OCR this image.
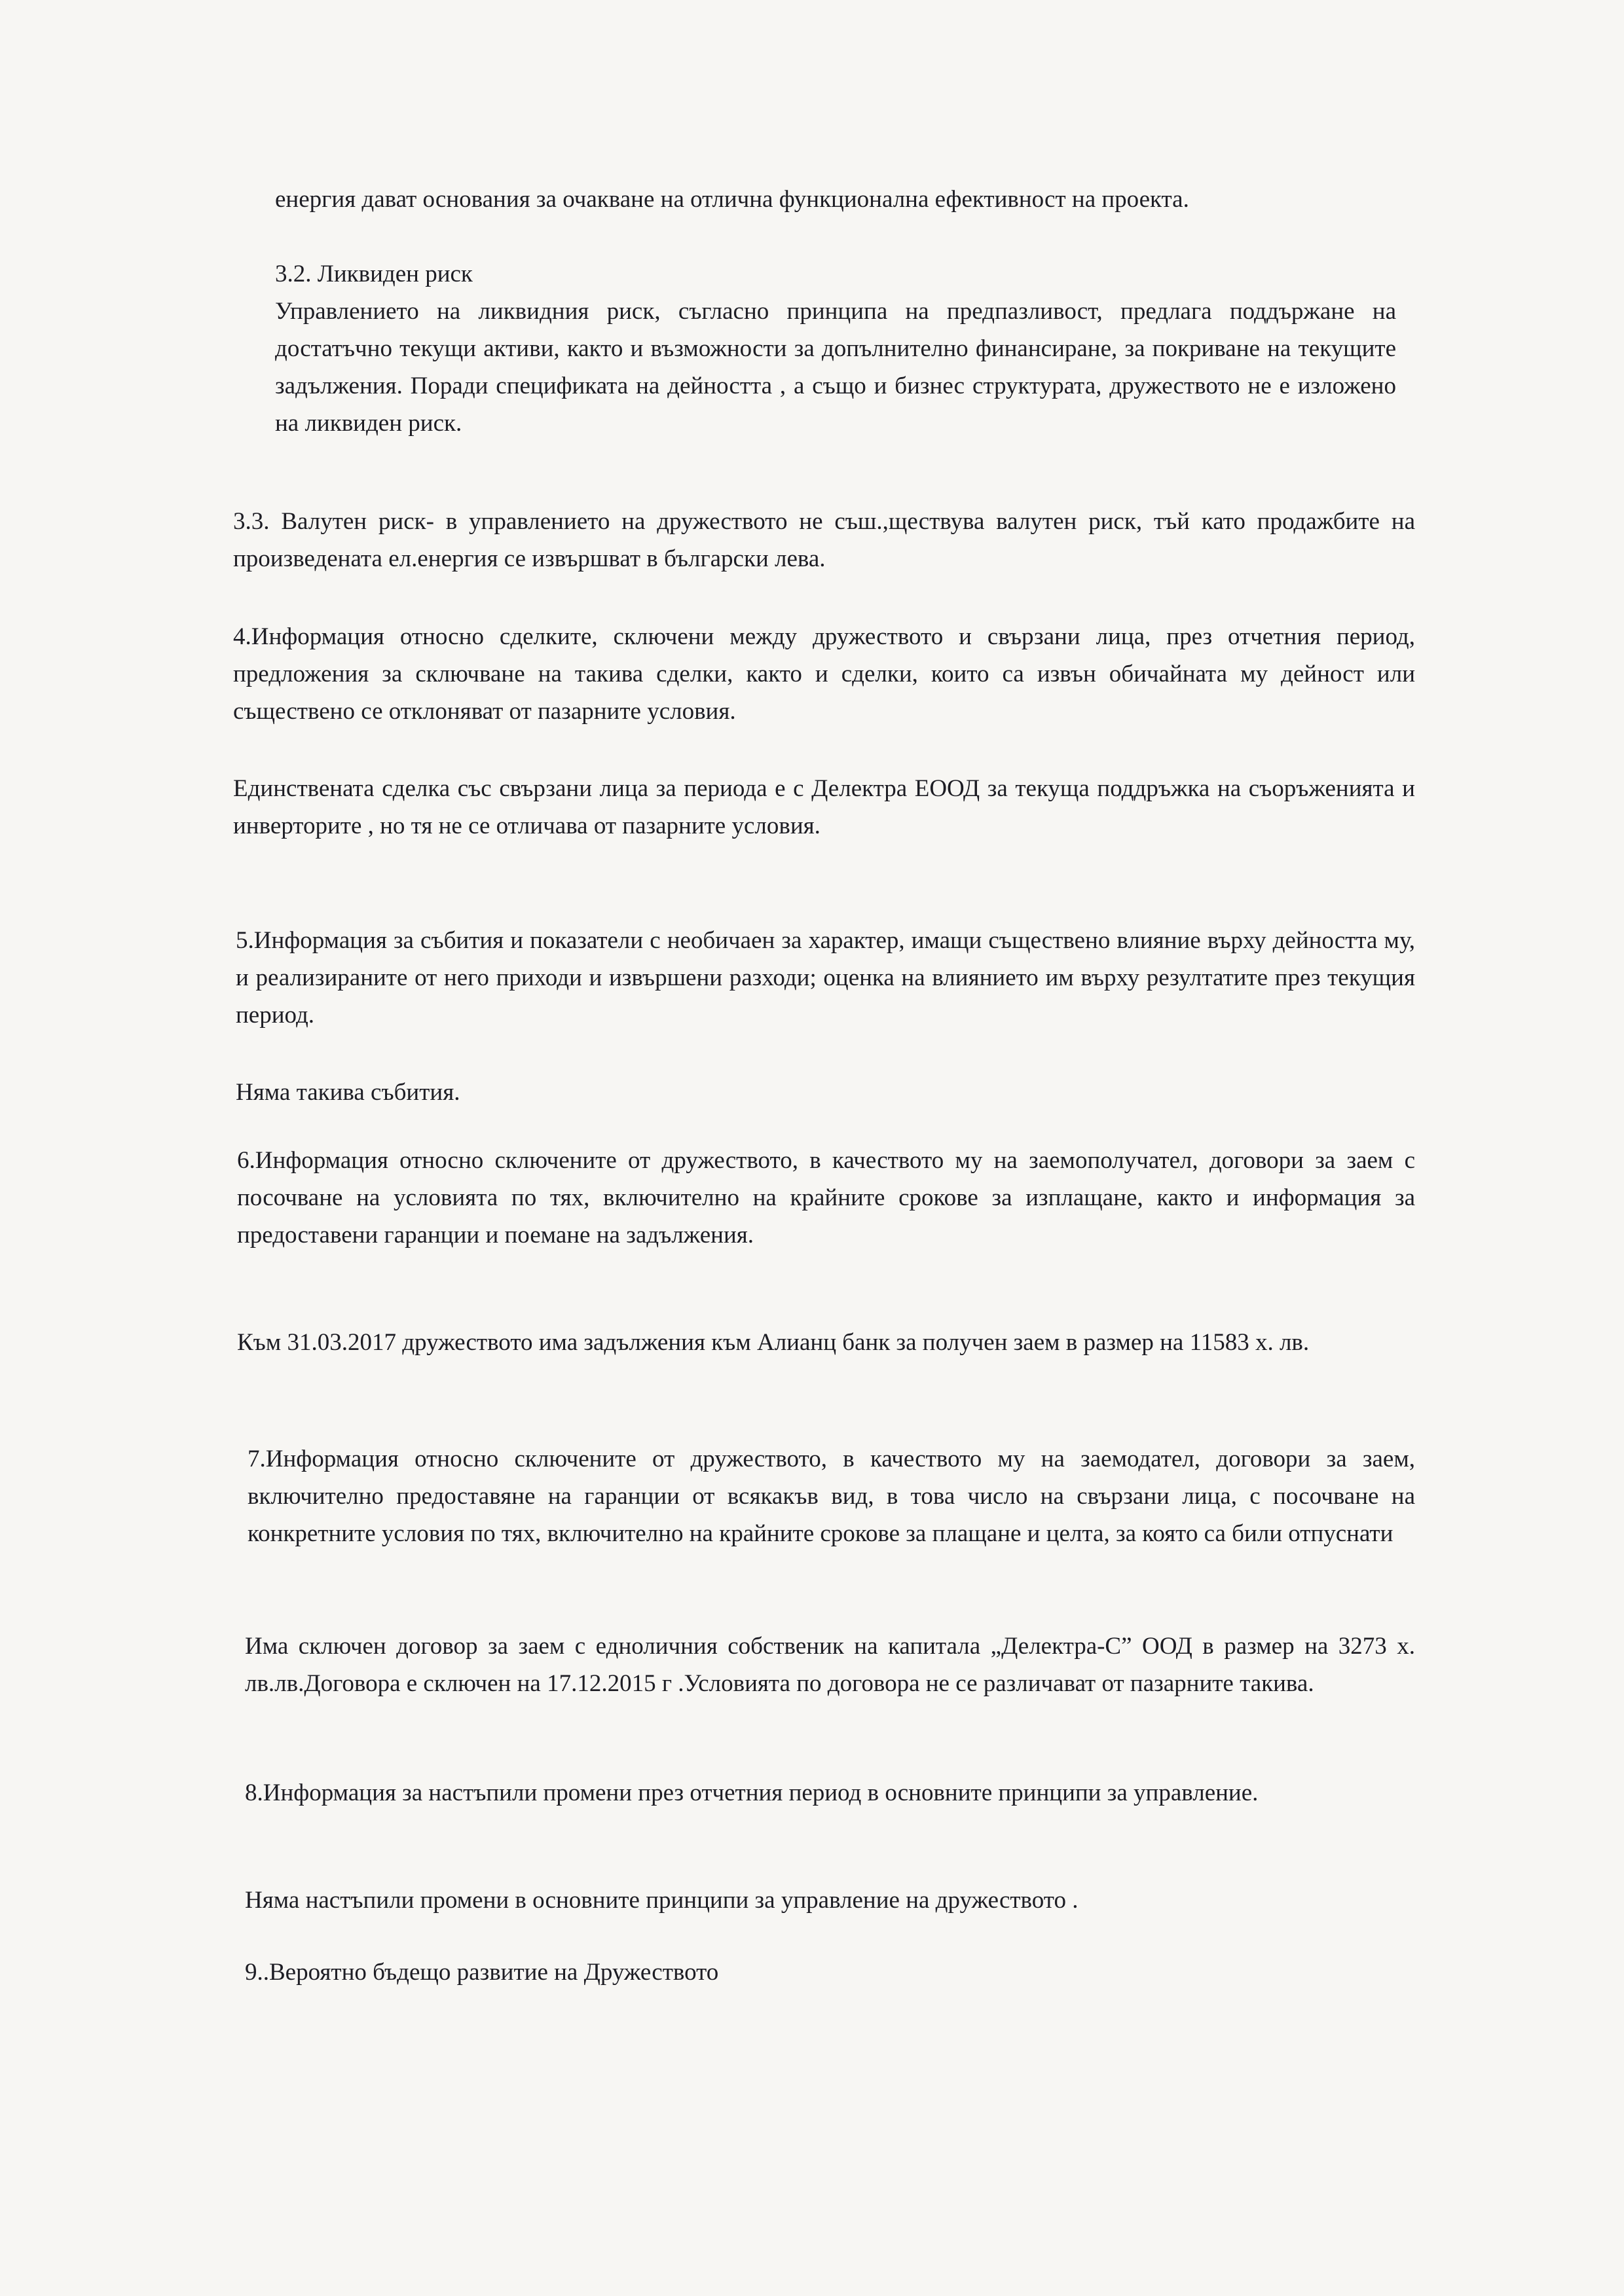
енергия дават основания за очакване на отлична функционална ефективност на проекта.

3.2. Ликвиден риск

Управлението на ликвидния риск, съгласно принципа на предпазливост, предлага поддържане на достатъчно текущи активи, както и възможности за допълнително финансиране, за покриване на текущите задължения. Поради спецификата на дейността , а също и бизнес структурата, дружеството не е изложено на ликвиден риск.

3.3. Валутен риск- в управлението на дружеството не съш.,ществува валутен риск, тъй като продажбите на произведената ел.енергия се извършват в български лева.

4.Информация относно сделките, сключени между дружеството и свързани лица, през отчетния период, предложения за сключване на такива сделки, както и сделки, които са извън обичайната му дейност или съществено се отклоняват от пазарните условия.

Единствената сделка със свързани лица за периода е с Делектра ЕООД за текуща поддръжка на съоръженията и инверторите , но тя не се отличава от пазарните условия.

5.Информация за събития и показатели с необичаен за характер, имащи съществено влияние върху дейността му, и реализираните от него приходи и извършени разходи; оценка на влиянието им върху резултатите през текущия период.

Няма такива събития.

6.Информация относно сключените от дружеството, в качеството му на заемополучател, договори за заем с посочване на условията по тях, включително на крайните срокове за изплащане, както и информация за предоставени гаранции и поемане на задължения.

Към 31.03.2017 дружеството има задължения към Алианц банк за получен заем в размер на 11583 х. лв.

7.Информация относно сключените от дружеството, в качеството му на заемодател, договори за заем, включително предоставяне на гаранции от всякакъв вид, в това число на свързани лица, с посочване на конкретните условия по тях, включително на крайните срокове за плащане и целта, за която са били отпуснати

Има сключен договор за заем с едноличния собственик на капитала „Делектра-С” ООД в размер на 3273 х. лв.лв.Договора е сключен на 17.12.2015 г .Условията по договора не се различават от пазарните такива.

8.Информация за настъпили промени през отчетния период в основните принципи за управление.

Няма настъпили промени в основните принципи за управление на дружеството .

9..Вероятно бъдещо развитие на Дружеството
